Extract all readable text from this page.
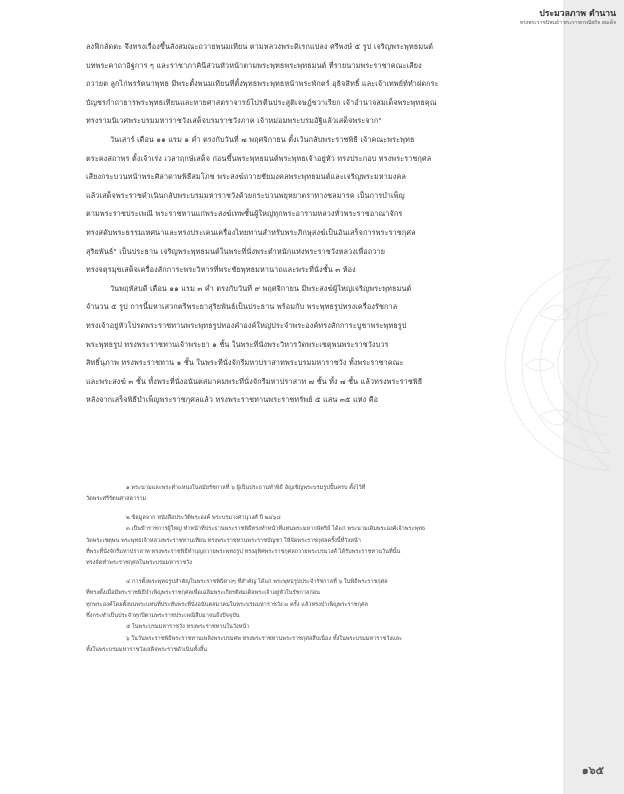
ประมวลภาพ ตำนาน
ทรงพระราชนิพนธ์ฯ พระราชกรณียกิจ สมเด็จ
ลงฟีกลัดดะ จึงทรงเรื่องขึ้นสังสมณะถวายพนมเทียน ตามหลวงพระดิเรกแปลง ศรีพงษ์ ๕ รูป เจริญพระพุทธมนต์
บทพระคาถาอิฐการ ๆ และราชาภาคินีส่วนหัวหน้าตามพระพุทธพระพุทธมนต์ ที่รายนามพระราชาคณะเสียง
ถวายต ลูกไก่พรรัตนาพุทธ มีพระตั้งพนมเทียนที่ตั้งพุทธพระพุทธหน้าพระพักตร์ อุธิจสิทธิ์ และเจ้าเทพย์ท์ทำฝดกระ
บัญชรกำถาธารพระพุทธเทียนและทายศาสตราจารย์โปรตีนประสูติเจษฎ์ขวาเรียก เจ้าอำนาจสมเด็จพระพุทธคุณ
ทรงรามนิเวศพระบรมมหาราชวังเสด็จบรมราชวังภาค เจ้าหม่อมพระบรมอัฐิแล้วเสด็จพระจาก"
วันเสาร์ เดือน ๑๑ แรม ๑ ค่ำ ตรงกับวันที่ ๗ พฤศจิกายน ตั้งเว้นกลับพระราชพิธี เจ้าคณะพระพุทธ
ตระคงสถาพร ตั้งเจ้าเร่ง เวลาฤกษ์เสด็จ ก่อนขึ้นพระพุทธมนต์พระพุทธเจ้าอยู่หัว ทรงประกอบ ทรงพระราชกุศล
เสียงกระบวนหน้าพระศิลาดาษพิธีสมโภช พระสงฆ์ถวายชัยมงคลพระพุทธมนต์และเจริญพระมหามงคล
แล้วเสด็จพระราชดำเนินกลับพระบรมมหาราชวังด้วยกระบวนพยุหยาตราทางชลมารค เป็นการบำเพ็ญ
ตามพระราชประเพณี พระราชทานแก่พระสงฆ์เทพชั้นผู้ใหญ่ทุกพระอารามหลวงทั่วพระราชอาณาจักร
ทรงสดับพระธรรมเทศนาและทรงประเคนเครื่องไทยทานสำหรับพระภิกษุสงฆ์เป็นอันเสร็จการพระราชกุศล
สุริยพันธ์" เป็นประธาน เจริญพระพุทธมนต์ในพระที่นั่งพระตำหนักแห่งพระราชวังหลวงเพื่อถวาย
ทรงจตุรมุขเสด็จเครื่องสักการะพระวิหารที่พระชัยพุทธมหานาถและพระที่นั่งชั้น ๓ ห้อง
วันพฤหัสบดี เดือน ๑๑ แรม ๓ ค่ำ ตรงกับวันที่ ๙ พฤศจิกายน มีพระสงฆ์ผู้ใหญ่เจริญพระพุทธมนต์
จำนวน ๕ รูป การนี้มหาเสวกตรีพระยาสุริยพันธ์เป็นประธาน พร้อมกับ พระพุทธรูปทรงเครื่องรัชกาล
ทรงเจ้าอยู่หัวโปรดพระราชทานพระพุทธรูปทองคำองค์ใหญ่ประจำพระองค์ทรงสักการะบูชาพระพุทธรูป
พระพุทธรูป ทรงพระราชทานเจ้าพระยา ๑ ชั้น ในพระที่นั่งพระวิหารวัดพระเชตุพนพระราชวังบวร
สิทธิ์นุภาพ ทรงพระราชทาน ๑ ชั้น ในพระที่นั่งจักรีมหาปราสาทพระบรมมหาราชวัง ทั้งพระราชาคณะ
และพระสงฆ์ ๓ ชั้น ทั้งพระที่นั่งอนันตสมาคมพระที่นั่งจักรีมหาปราสาท ๗ ชั้น ทั้ง ๗ ชั้น แล้วทรงพระราชพิธี
หลังจากเสร็จพิธีบำเพ็ญพระราชกุศลแล้ว ทรงพระราชทานพระราชทรัพย์ ๕ แสน ๓๕ แห่ง คือ
๑ พระนามและพระตำแหน่งในสมัยรัชกาลที่ ๖ ผู้เป็นประธานทำพิธี อัญเชิญพระบรมรูปปั้นครบ ตั้งไว้ที่
วัดพระศรีรัตนศาสดาราม
๒ ข้อมูลจาก หนังสือประวัติพระองค์ พระบรมวงศานุวงศ์ ปี ๒๔๖๘
๓ เป็นข้าราชการผู้ใหญ่ ทำหน้าที่ประธานพระราชพิธีทรงทำหน้าที่แทนพระมหากษัตริย์ ได้แก่ พระนามเดิมพระองค์เจ้าพระพุทธ
วัดพระเชตุพน พระพุทธเจ้าหลวงพระราชทานเทียน ทรงพระราชทานพระราชบัญชา ให้จัดพระราชกุศลครั้งนี้ที่วังหน้า
ที่พระที่นั่งจักรีมหาปราสาท ทรงพระราชพิธีทำบุญถวายพระพุทธรูป ทรงอุทิศพระราชกุศลถวายพระบรมวงศ์ ได้รับพระราชทานวันที่นั้น
ทรงจัดทำพระราชกุศลในพระบรมมหาราชวัง
๔ การตั้งพระพุทธรูปสำคัญในพระราชพิธีต่างๆ ที่สำคัญ ได้แก่ พระพุทธรูปประจำรัชกาลที่ ๖ ในพิธีพระราชกุศล
ที่ทรงตั้งเมื่อมีพระราชพิธีบำเพ็ญพระราชกุศลเพื่อเฉลิมพระเกียรติสมเด็จพระเจ้าอยู่หัวในรัชกาลก่อน
ทุกพระองค์โดยตั้งบนพระแท่นที่ประทับพระที่นั่งอนันตสมาคมในพระบรมมหาราชวัง ๓ ครั้ง แล้วทรงบำเพ็ญพระราชกุศล
ซึ่งกระทำเป็นประจำทุกปีตามพระราชประเพณีสืบมาจนถึงปัจจุบัน
๕ ในพระบรมมหาราชวัง ทรงพระราชทานในวังหน้า
๖ ในวันพระราชพิธีพระราชทานเพลิงพระบรมศพ ทรงพระราชทานพระราชกุศลสืบเนื่อง ทั้งในพระบรมมหาราชวังและ
ทั้งในพระบรมมหาราชวังเสด็จพระราชดำเนินทั้งสิ้น
๑๖๕
